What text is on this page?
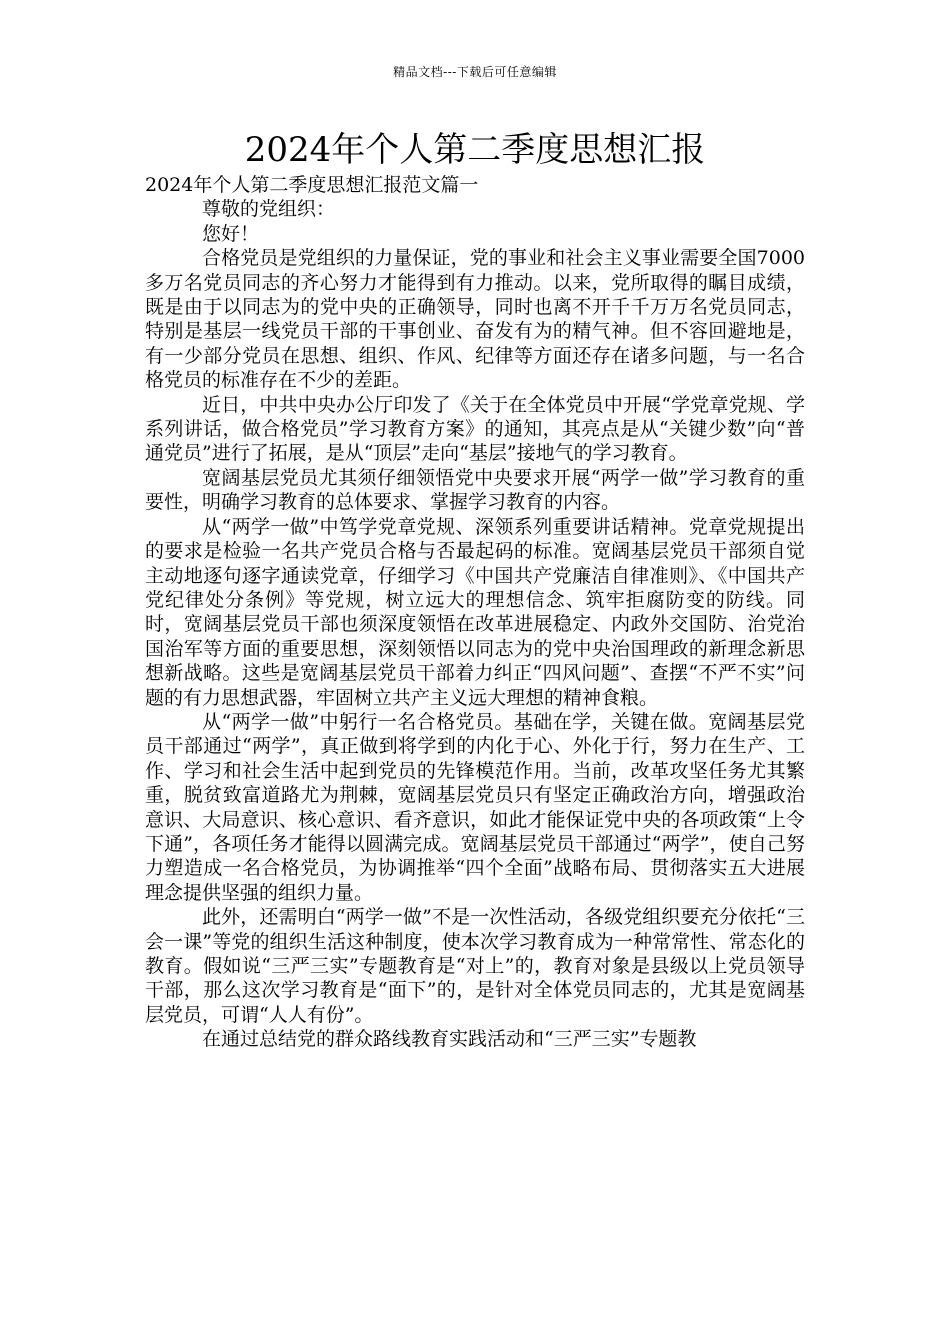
精品文档---下载后可任意编辑
2024年个人第二季度思想汇报

2024年个人第二季度思想汇报范文篇一

尊敬的党组织：

您好！

合格党员是党组织的力量保证，党的事业和社会主义事业需要全国7000多万名党员同志的齐心努力才能得到有力推动。以来，党所取得的瞩目成绩，既是由于以同志为的党中央的正确领导，同时也离不开千千万万名党员同志，特别是基层一线党员干部的干事创业、奋发有为的精气神。但不容回避地是，有一少部分党员在思想、组织、作风、纪律等方面还存在诸多问题，与一名合格党员的标准存在不少的差距。

近日，中共中央办公厅印发了《关于在全体党员中开展“学党章党规、学系列讲话，做合格党员”学习教育方案》的通知，其亮点是从“关键少数”向“普通党员”进行了拓展，是从“顶层”走向“基层”接地气的学习教育。

宽阔基层党员尤其须仔细领悟党中央要求开展“两学一做”学习教育的重要性，明确学习教育的总体要求、掌握学习教育的内容。

从“两学一做”中笃学党章党规、深领系列重要讲话精神。党章党规提出的要求是检验一名共产党员合格与否最起码的标准。宽阔基层党员干部须自觉主动地逐句逐字通读党章，仔细学习《中国共产党廉洁自律准则》、《中国共产党纪律处分条例》等党规，树立远大的理想信念、筑牢拒腐防变的防线。同时，宽阔基层党员干部也须深度领悟在改革进展稳定、内政外交国防、治党治国治军等方面的重要思想，深刻领悟以同志为的党中央治国理政的新理念新思想新战略。这些是宽阔基层党员干部着力纠正“四风问题”、查摆“不严不实”问题的有力思想武器，牢固树立共产主义远大理想的精神食粮。

从“两学一做”中躬行一名合格党员。基础在学，关键在做。宽阔基层党员干部通过“两学”，真正做到将学到的内化于心、外化于行，努力在生产、工作、学习和社会生活中起到党员的先锋模范作用。当前，改革攻坚任务尤其繁重，脱贫致富道路尤为荆棘，宽阔基层党员只有坚定正确政治方向，增强政治意识、大局意识、核心意识、看齐意识，如此才能保证党中央的各项政策“上令下通”，各项任务才能得以圆满完成。宽阔基层党员干部通过“两学”，使自己努力塑造成一名合格党员，为协调推举“四个全面”战略布局、贯彻落实五大进展理念提供坚强的组织力量。

此外，还需明白“两学一做”不是一次性活动，各级党组织要充分依托“三会一课”等党的组织生活这种制度，使本次学习教育成为一种常常性、常态化的教育。假如说“三严三实”专题教育是“对上”的，教育对象是县级以上党员领导干部，那么这次学习教育是“面下”的，是针对全体党员同志的，尤其是宽阔基层党员，可谓“人人有份”。

在通过总结党的群众路线教育实践活动和“三严三实”专题教
